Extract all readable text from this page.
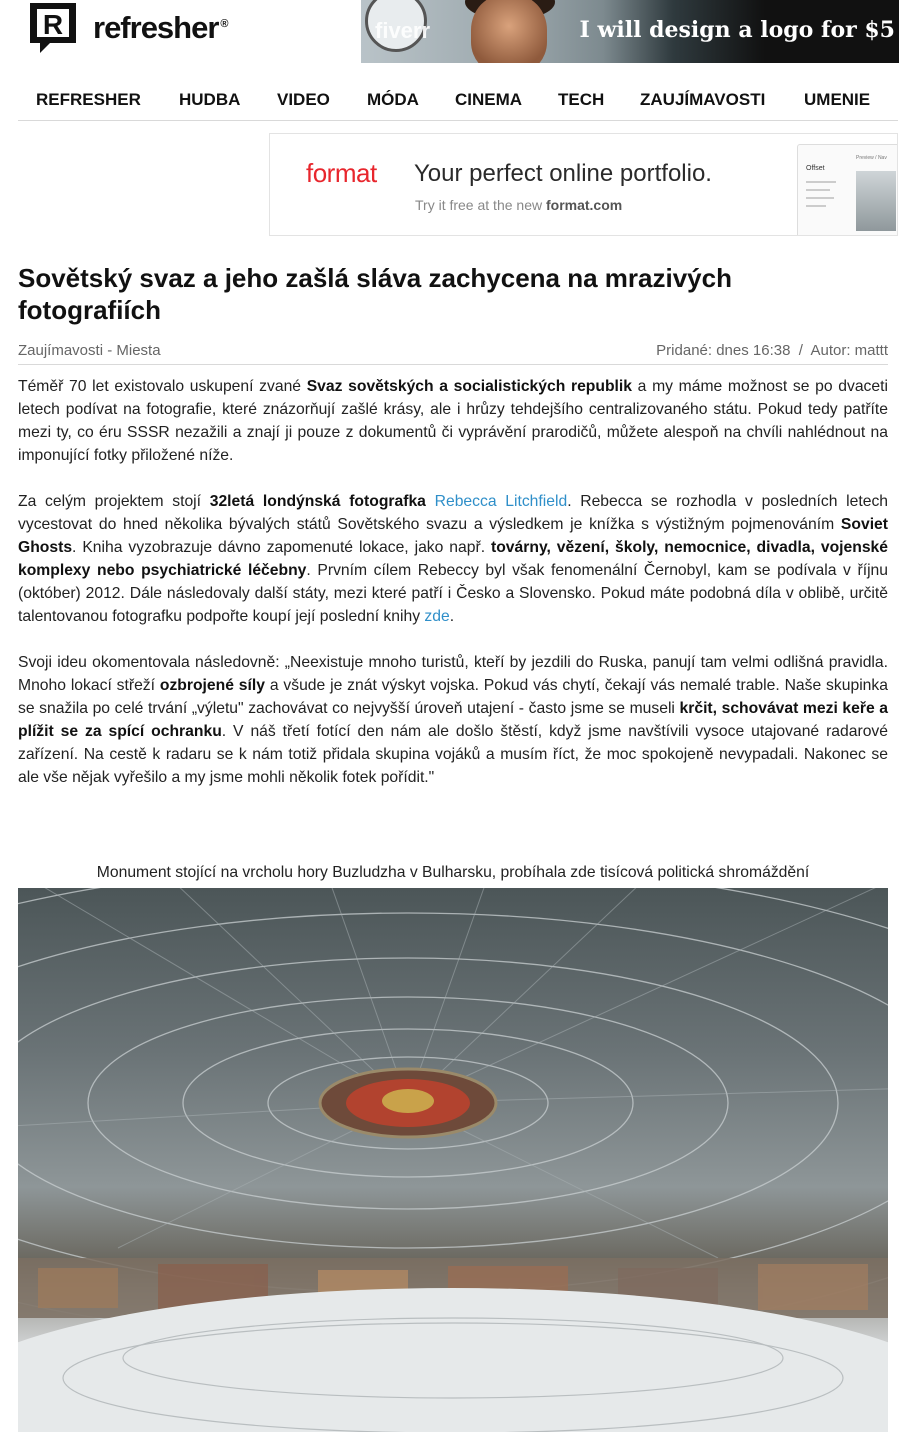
R refresher ®	fiverr	I will design a logo for $5
REFRESHER HUDBA VIDEO MÓDA CINEMA TECH ZAUJÍMAVOSTI UMENIE
format Your perfect online portfolio.
Try it free at the new format.com
Offset
Preview / Nav
Sovětský svaz a jeho zašlá sláva zachycena na mrazivých fotografiích
Zaujímavosti - Miesta	Pridané: dnes 16:38  /  Autor: mattt

Téměř 70 let existovalo uskupení zvané Svaz sovětských a socialistických republik a my máme možnost se po dvaceti letech podívat na fotografie, které znázorňují zašlé krásy, ale i hrůzy tehdejšího centralizovaného státu. Pokud tedy patříte mezi ty, co éru SSSR nezažili a znají ji pouze z dokumentů či vyprávění prarodičů, můžete alespoň na chvíli nahlédnout na imponující fotky přiložené níže.

Za celým projektem stojí 32letá londýnská fotografka Rebecca Litchfield. Rebecca se rozhodla v posledních letech vycestovat do hned několika bývalých států Sovětského svazu a výsledkem je knížka s výstižným pojmenováním Soviet Ghosts. Kniha vyzobrazuje dávno zapomenuté lokace, jako např. továrny, vězení, školy, nemocnice, divadla, vojenské komplexy nebo psychiatrické léčebny. Prvním cílem Rebeccy byl však fenomenální Černobyl, kam se podívala v říjnu (október) 2012. Dále následovaly další státy, mezi které patří i Česko a Slovensko. Pokud máte podobná díla v oblibě, určitě talentovanou fotografku podpořte koupí její poslední knihy zde.

Svoji ideu okomentovala následovně: „Neexistuje mnoho turistů, kteří by jezdili do Ruska, panují tam velmi odlišná pravidla. Mnoho lokací střeží ozbrojené síly a všude je znát výskyt vojska. Pokud vás chytí, čekají vás nemalé trable. Naše skupinka se snažila po celé trvání „výletu" zachovávat co nejvyšší úroveň utajení - často jsme se museli krčit, schovávat mezi keře a plížit se za spící ochranku. V náš třetí fotící den nám ale došlo štěstí, když jsme navštívili vysoce utajované radarové zařízení. Na cestě k radaru se k nám totiž přidala skupina vojáků a musím říct, že moc spokojeně nevypadali. Nakonec se ale vše nějak vyřešilo a my jsme mohli několik fotek pořídit."

Monument stojící na vrcholu hory Buzludzha v Bulharsku, probíhala zde tisícová politická shromáždění
